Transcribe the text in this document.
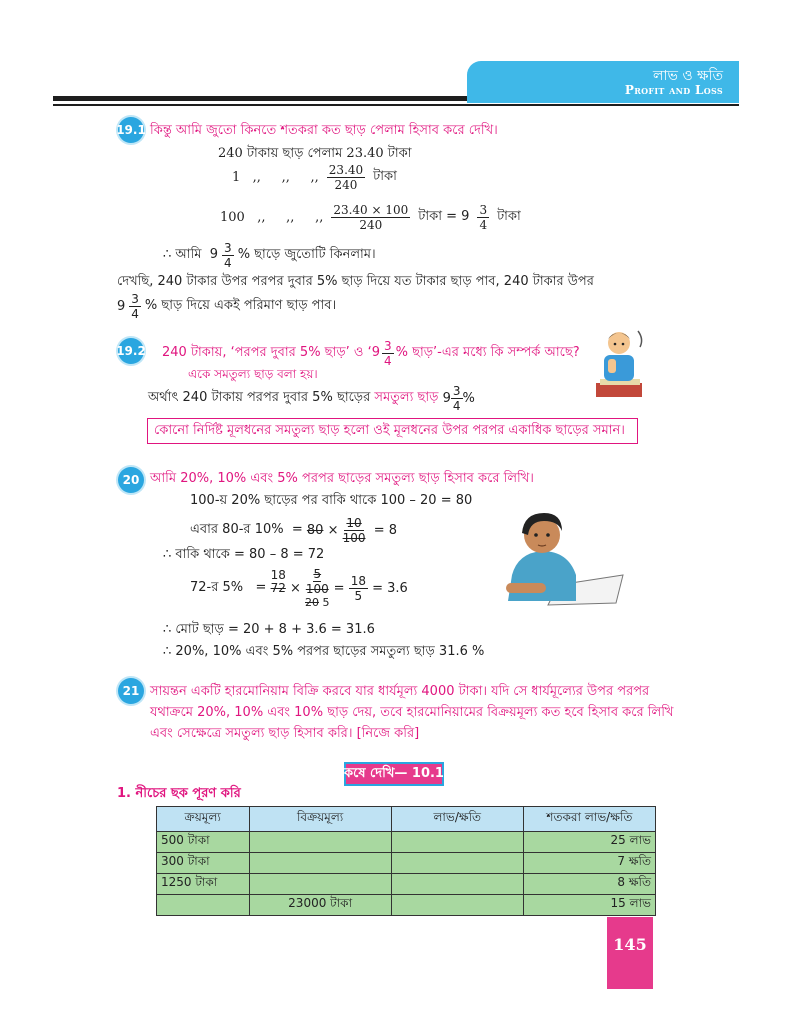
লাভ ও ক্ষতি
Profit and Loss
19.1 কিন্তু আমি জুতো কিনতে শতকরা কত ছাড় পেলাম হিসাব করে দেখি।
240 টাকায় ছাড় পেলাম 23.40 টাকা
1   ,,     ,,     ,, $\frac{23.40}{240}$ টাকা
100   ,,     ,,     ,, $\frac{23.40 \times 100}{240}$ টাকা = $9 \frac{3}{4}$ টাকা
∴ আমি  $9 \frac{3}{4}$ % ছাড়ে জুতোটি কিনলাম।
দেখছি, 240 টাকার উপর পরপর দুবার 5% ছাড় দিয়ে যত টাকার ছাড় পাব, 240 টাকার উপর
$9 \frac{3}{4}$ % ছাড় দিয়ে একই পরিমাণ ছাড় পাব।
19.2 240 টাকায়, ‘পরপর দুবার 5% ছাড়’ ও ‘$9 \frac{3}{4}$ % ছাড়’-এর মধ্যে কি সম্পর্ক আছে?
একে সমতুল্য ছাড় বলা হয়।
অর্থাৎ 240 টাকায় পরপর দুবার 5% ছাড়ের সমতুল্য ছাড় $9 \frac{3}{4}$ %
কোনো নির্দিষ্ট মূলধনের সমতুল্য ছাড় হলো ওই মূলধনের উপর পরপর একাধিক ছাড়ের সমান।
20 আমি 20%, 10% এবং 5% পরপর ছাড়ের সমতুল্য ছাড় হিসাব করে লিখি।
100-য় 20% ছাড়ের পর বাকি থাকে 100 – 20 = 80
এবার 80-র $10\% = 80 \times \frac{10}{100} = 8$
∴ বাকি থাকে = 80 – 8 = 72
72-র 5%   =
18
72 ×
5
100
20 5
= $\frac{18}{5} = 3.6$
∴ মোট ছাড় = 20 + 8 + 3.6 = 31.6
∴ 20%, 10% এবং 5% পরপর ছাড়ের সমতুল্য ছাড় 31.6 %
21 সায়ন্তন একটি হারমোনিয়াম বিক্রি করবে যার ধার্যমূল্য 4000 টাকা। যদি সে ধার্যমূল্যের উপর পরপর
যথাক্রমে 20%, 10% এবং 10% ছাড় দেয়, তবে হারমোনিয়ামের বিক্রয়মূল্য কত হবে হিসাব করে লিখি
এবং সেক্ষেত্রে সমতুল্য ছাড় হিসাব করি। [নিজে করি]
কষে দেখি— 10.1
1. নীচের ছক পূরণ করি
ক্রয়মূল্য	বিক্রয়মূল্য	লাভ/ক্ষতি	শতকরা লাভ/ক্ষতি
500 টাকা			25 লাভ
300 টাকা			7 ক্ষতি
1250 টাকা			8 ক্ষতি
	23000 টাকা		15 লাভ
145
